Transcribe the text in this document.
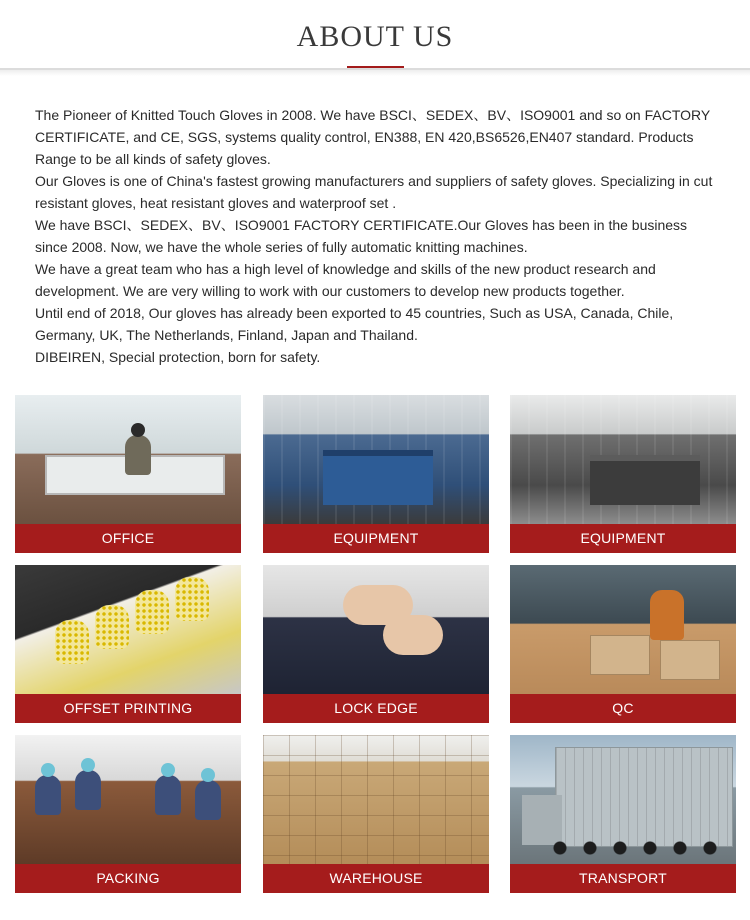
ABOUT US

The Pioneer of Knitted Touch Gloves in 2008. We have BSCI、SEDEX、BV、ISO9001 and so on FACTORY

CERTIFICATE, and CE, SGS, systems quality control, EN388, EN 420,BS6526,EN407 standard. Products

Range to be all kinds of safety gloves.

Our Gloves is one of China's fastest growing manufacturers and suppliers of safety gloves. Specializing in cut

resistant gloves, heat resistant gloves and waterproof set .

We have BSCI、SEDEX、BV、ISO9001 FACTORY CERTIFICATE.Our Gloves has been in the business

since 2008. Now, we have the whole series of fully automatic knitting machines.

We have a great team who has a high level of knowledge and skills of the new product research and

development. We are very willing to work with our customers to develop new products together.

Until end of 2018, Our gloves has already been exported to 45 countries, Such as USA, Canada, Chile,

Germany, UK, The Netherlands, Finland, Japan and Thailand.

DIBEIREN, Special protection, born for safety.

OFFICE	EQUIPMENT	EQUIPMENT
OFFSET PRINTING	LOCK EDGE	QC
PACKING	WAREHOUSE	TRANSPORT
